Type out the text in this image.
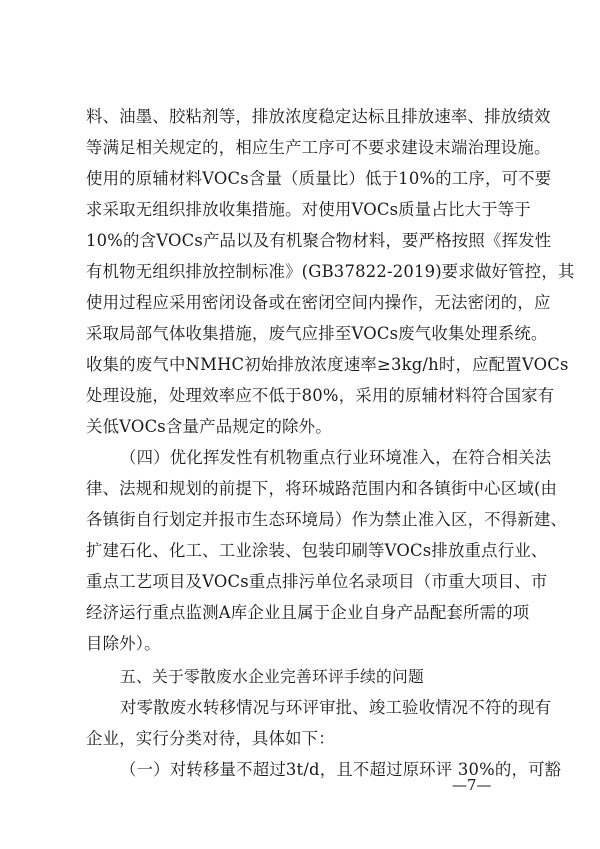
料、油墨、胶粘剂等，排放浓度稳定达标且排放速率、排放绩效
等满足相关规定的，相应生产工序可不要求建设末端治理设施。
使用的原辅材料VOCs含量（质量比）低于10%的工序，可不要
求采取无组织排放收集措施。对使用VOCs质量占比大于等于
10%的含VOCs产品以及有机聚合物材料，要严格按照《挥发性
有机物无组织排放控制标准》(GB37822-2019)要求做好管控，其
使用过程应采用密闭设备或在密闭空间内操作，无法密闭的，应
采取局部气体收集措施，废气应排至VOCs废气收集处理系统。
收集的废气中NMHC初始排放浓度速率≥3kg/h时，应配置VOCs
处理设施，处理效率应不低于80%，采用的原辅材料符合国家有
关低VOCs含量产品规定的除外。
（四）优化挥发性有机物重点行业环境准入，在符合相关法
律、法规和规划的前提下，将环城路范围内和各镇街中心区域(由
各镇街自行划定并报市生态环境局）作为禁止准入区，不得新建、
扩建石化、化工、工业涂装、包装印刷等VOCs排放重点行业、
重点工艺项目及VOCs重点排污单位名录项目（市重大项目、市
经济运行重点监测A库企业且属于企业自身产品配套所需的项
目除外）。
五、关于零散废水企业完善环评手续的问题
对零散废水转移情况与环评审批、竣工验收情况不符的现有
企业，实行分类对待，具体如下：
（一）对转移量不超过3t/d，且不超过原环评 30%的，可豁
—7—
